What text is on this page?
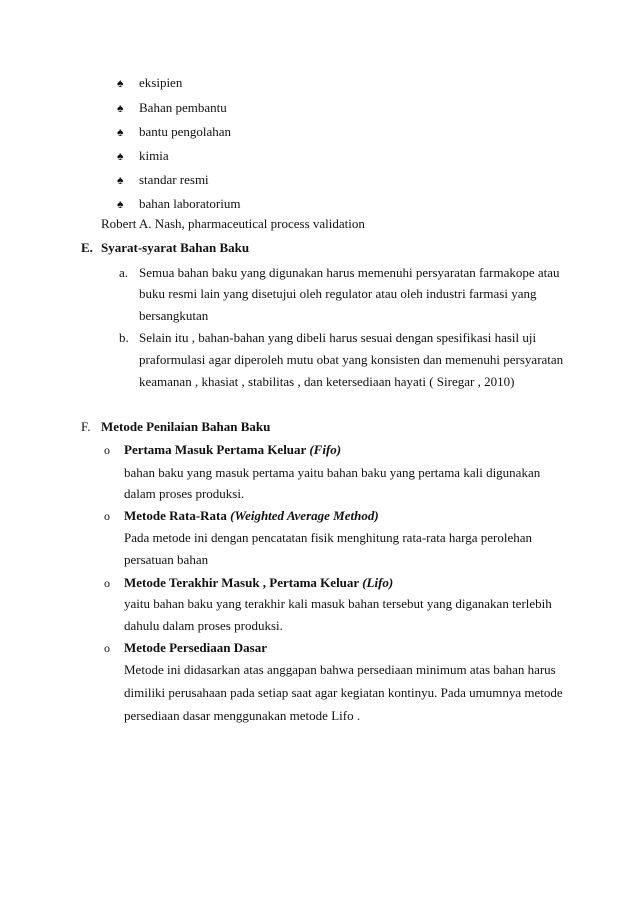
♠ eksipien
♠ Bahan pembantu
♠ bantu pengolahan
♠ kimia
♠ standar resmi
♠ bahan laboratorium
Robert A. Nash, pharmaceutical process validation
E. Syarat-syarat Bahan Baku
a. Semua bahan baku yang digunakan harus memenuhi persyaratan farmakope atau
buku resmi lain yang disetujui oleh regulator atau oleh industri farmasi yang
bersangkutan
b. Selain itu , bahan-bahan yang dibeli harus sesuai dengan spesifikasi hasil uji
praformulasi agar diperoleh mutu obat yang konsisten dan memenuhi persyaratan
keamanan , khasiat , stabilitas , dan ketersediaan hayati ( Siregar , 2010)
F. Metode Penilaian Bahan Baku
o Pertama Masuk Pertama Keluar (Fifo)
bahan baku yang masuk pertama yaitu bahan baku yang pertama kali digunakan
dalam proses produksi.
o Metode Rata-Rata (Weighted Average Method)
Pada metode ini dengan pencatatan fisik menghitung rata-rata harga perolehan
persatuan bahan
o Metode Terakhir Masuk , Pertama Keluar (Lifo)
yaitu bahan baku yang terakhir kali masuk bahan tersebut yang diganakan terlebih
dahulu dalam proses produksi.
o Metode Persediaan Dasar
Metode ini didasarkan atas anggapan bahwa persediaan minimum atas bahan harus
dimiliki perusahaan pada setiap saat agar kegiatan kontinyu. Pada umumnya metode
persediaan dasar menggunakan metode Lifo .
